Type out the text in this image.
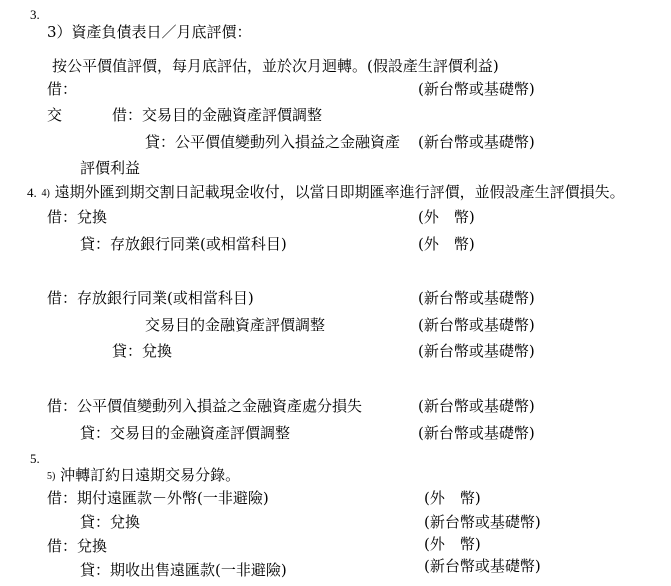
3.
3）資產負債表日／月底評價：
按公平價值評價，每月底評估，並於次月迴轉。(假設產生評價利益)
借：	(新台幣或基礎幣)
交	借：交易目的金融資產評價調整
貸：公平價值變動列入損益之金融資產 (新台幣或基礎幣)
評價利益
4. 4) 遠期外匯到期交割日記載現金收付，以當日即期匯率進行評價，並假設產生評價損失。
借：兌換	(外　幣)
貸：存放銀行同業(或相當科目)	(外　幣)
借：存放銀行同業(或相當科目)	(新台幣或基礎幣)
交易目的金融資產評價調整	(新台幣或基礎幣)
貸：兌換	(新台幣或基礎幣)
借：公平價值變動列入損益之金融資產處分損失	(新台幣或基礎幣)
貸：交易目的金融資產評價調整	(新台幣或基礎幣)
5.
5) 沖轉訂約日遠期交易分錄。
借：期付遠匯款－外幣(一非避險)	(外　幣)
貸：兌換	(新台幣或基礎幣)
借：兌換	(外　幣)
貸：期收出售遠匯款(一非避險)	(新台幣或基礎幣)
